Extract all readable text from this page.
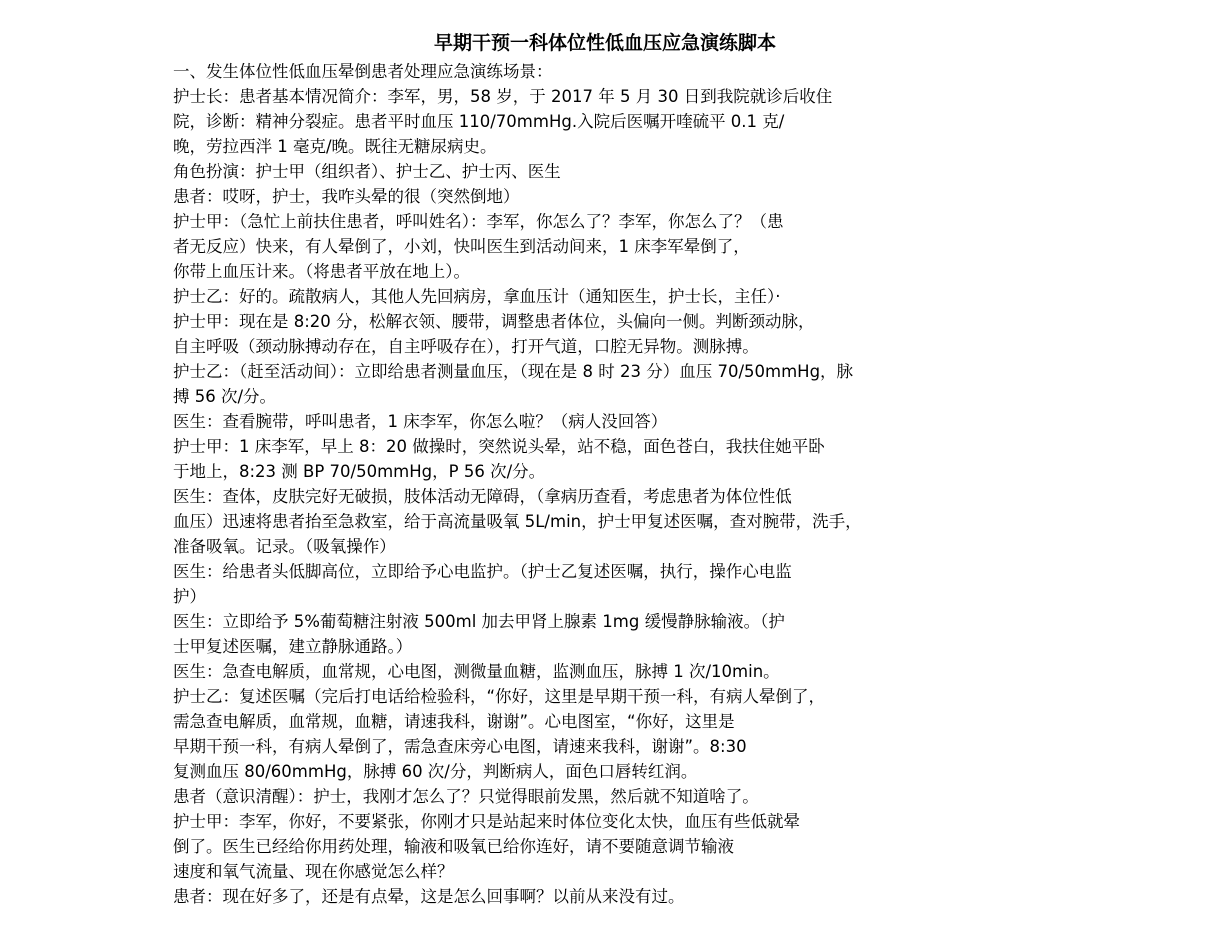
早期干预一科体位性低血压应急演练脚本
一、发生体位性低血压晕倒患者处理应急演练场景：
护士长：患者基本情况简介：李军，男，58 岁，于 2017 年 5 月 30 日到我院就诊后收住
院，诊断：精神分裂症。患者平时血压 110/70mmHg.入院后医嘱开喹硫平 0.1 克/
晚，劳拉西泮 1 毫克/晚。既往无糖尿病史。
角色扮演：护士甲（组织者）、护士乙、护士丙、医生
患者：哎呀，护士，我咋头晕的很（突然倒地）
护士甲：（急忙上前扶住患者，呼叫姓名）：李军，你怎么了？李军，你怎么了？（患
者无反应）快来，有人晕倒了，小刘，快叫医生到活动间来，1 床李军晕倒了，
你带上血压计来。（将患者平放在地上）。
护士乙：好的。疏散病人，其他人先回病房，拿血压计（通知医生，护士长，主任）·
护士甲：现在是 8:20 分，松解衣领、腰带，调整患者体位，头偏向一侧。判断颈动脉，
自主呼吸（颈动脉搏动存在，自主呼吸存在），打开气道，口腔无异物。测脉搏。
护士乙：（赶至活动间）：立即给患者测量血压，（现在是 8 时 23 分）血压 70/50mmHg，脉
搏 56 次/分。
医生：查看腕带，呼叫患者，1 床李军，你怎么啦？（病人没回答）
护士甲：1 床李军，早上 8：20 做操时，突然说头晕，站不稳，面色苍白，我扶住她平卧
于地上，8:23 测 BP 70/50mmHg，P 56 次/分。
医生：查体，皮肤完好无破损，肢体活动无障碍，（拿病历查看，考虑患者为体位性低
血压）迅速将患者抬至急救室，给于高流量吸氧 5L/min，护士甲复述医嘱，查对腕带，洗手，
准备吸氧。记录。（吸氧操作）
医生：给患者头低脚高位，立即给予心电监护。（护士乙复述医嘱，执行，操作心电监
护）
医生：立即给予 5%葡萄糖注射液 500ml 加去甲肾上腺素 1mg 缓慢静脉输液。（护
士甲复述医嘱，建立静脉通路。）
医生：急查电解质，血常规，心电图，测微量血糖，监测血压，脉搏 1 次/10min。
护士乙：复述医嘱（完后打电话给检验科，“你好，这里是早期干预一科，有病人晕倒了，
需急查电解质，血常规，血糖，请速我科，谢谢”。心电图室，“你好，这里是
早期干预一科，有病人晕倒了，需急查床旁心电图，请速来我科，谢谢”。8:30
复测血压 80/60mmHg，脉搏 60 次/分，判断病人，面色口唇转红润。
患者（意识清醒）：护士，我刚才怎么了？只觉得眼前发黑，然后就不知道啥了。
护士甲：李军，你好，不要紧张，你刚才只是站起来时体位变化太快，血压有些低就晕
倒了。医生已经给你用药处理，输液和吸氧已给你连好，请不要随意调节输液
速度和氧气流量、现在你感觉怎么样？
患者：现在好多了，还是有点晕，这是怎么回事啊？以前从来没有过。
